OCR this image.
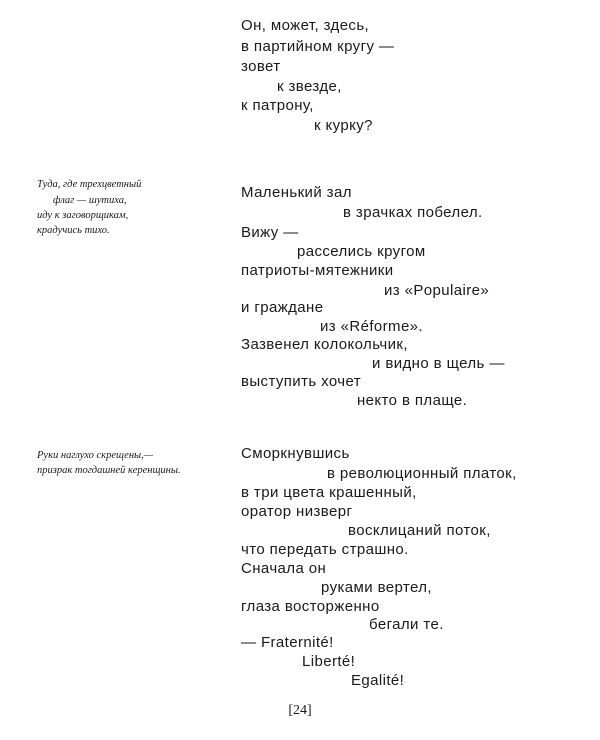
Он, может, здесь,
в партийном кругу —
зовет
к звезде,
к патрону,
к курку?
Туда, где трехцветный
флаг — шутиха,
иду к заговорщикам,
крадучись тихо.
Маленький зал
в зрачках побелел.
Вижу —
расселись кругом
патриоты-мятежники
из «Populaire»
и граждане
из «Réforme».
Зазвенел колокольчик,
и видно в щель —
выступить хочет
некто в плаще.
Руки наглухо скрещены,—
призрак тогдашней керенщины.
Сморкнувшись
в революционный платок,
в три цвета крашенный,
оратор низверг
восклицаний поток,
что передать страшно.
Сначала он
руками вертел,
глаза восторженно
бегали те.
— Fraternité!
Liberté!
Egalité!
[24]
